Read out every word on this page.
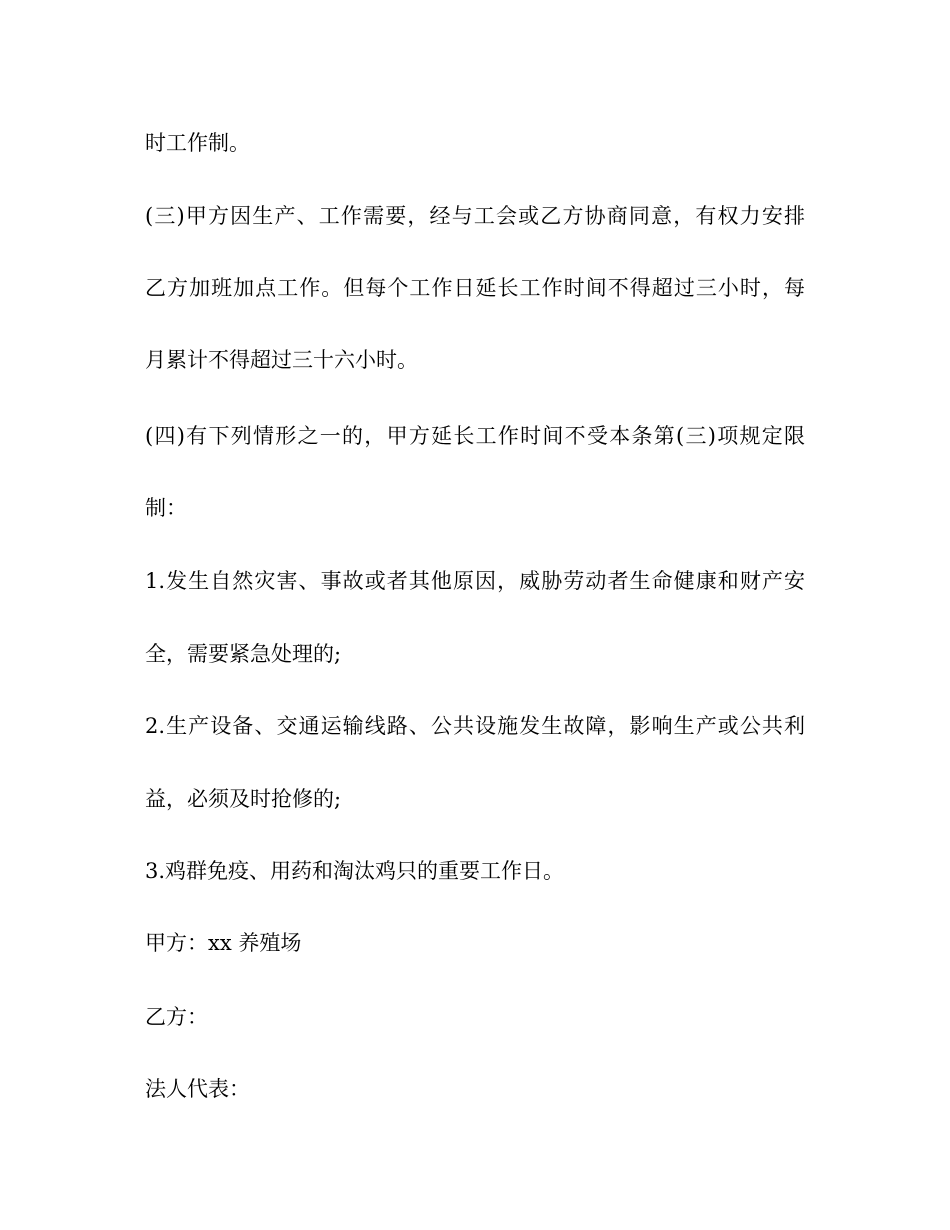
时工作制。
(三)甲方因生产、工作需要，经与工会或乙方协商同意，有权力安排
乙方加班加点工作。但每个工作日延长工作时间不得超过三小时，每
月累计不得超过三十六小时。
(四)有下列情形之一的，甲方延长工作时间不受本条第(三)项规定限
制：
1.发生自然灾害、事故或者其他原因，威胁劳动者生命健康和财产安
全，需要紧急处理的;
2.生产设备、交通运输线路、公共设施发生故障，影响生产或公共利
益，必须及时抢修的;
3.鸡群免疫、用药和淘汰鸡只的重要工作日。
甲方：xx 养殖场
乙方：
法人代表：
